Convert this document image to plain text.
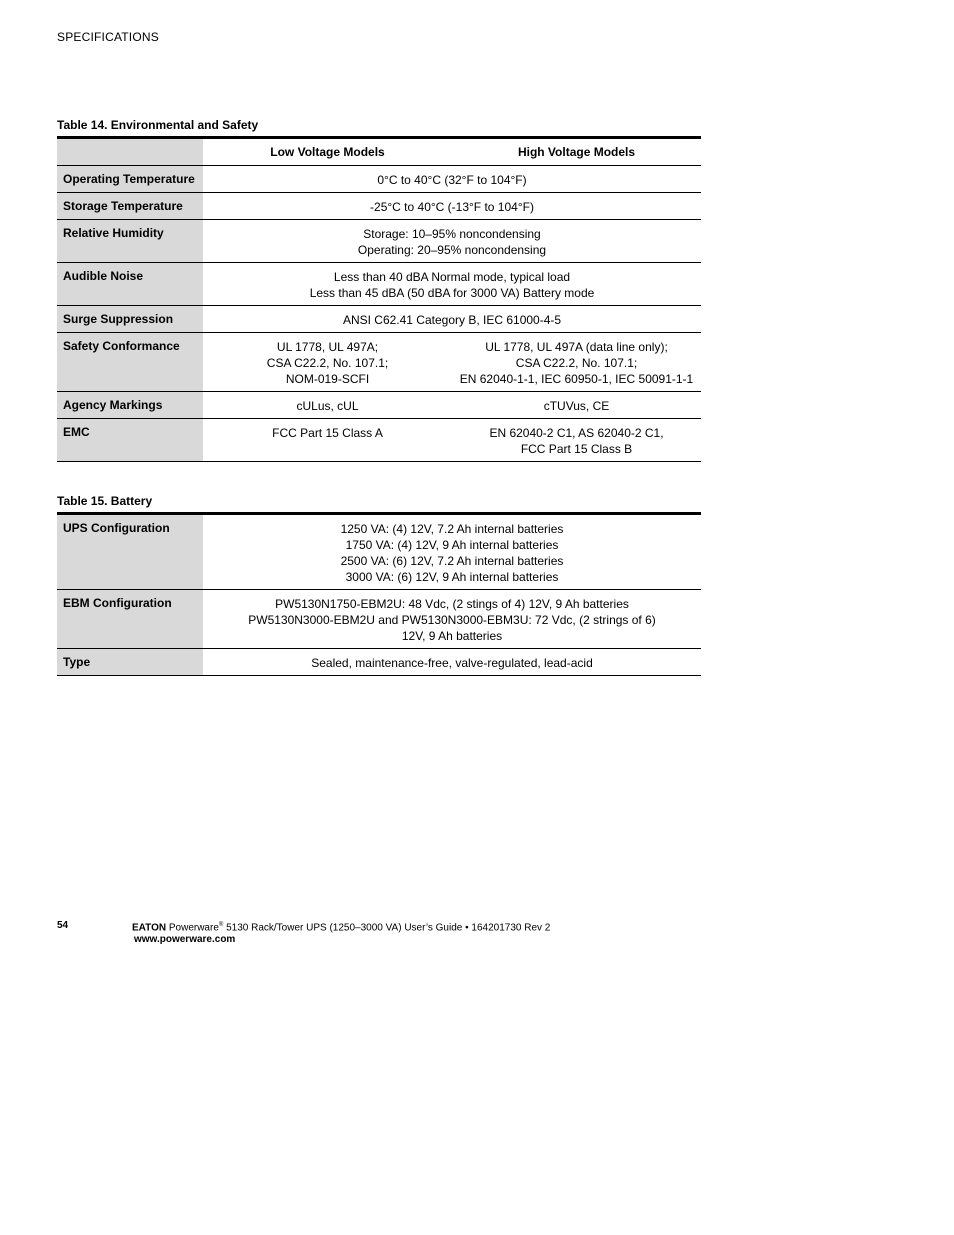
SPECIFICATIONS
Table 14. Environmental and Safety
	Low Voltage Models	High Voltage Models
Operating Temperature	0°C to 40°C (32°F to 104°F)	

Storage Temperature	-25°C to 40°C (-13°F to 104°F)	

Relative Humidity	Storage: 10–95% noncondensing
Operating: 20–95% noncondensing	

Audible Noise	Less than 40 dBA Normal mode, typical load
Less than 45 dBA (50 dBA for 3000 VA) Battery mode	

Surge Suppression	ANSI C62.41 Category B, IEC 61000-4-5	

Safety Conformance	UL 1778, UL 497A;
CSA C22.2, No. 107.1;
NOM-019-SCFI	UL 1778, UL 497A (data line only);
CSA C22.2, No. 107.1;
EN 62040-1-1, IEC 60950-1, IEC 50091-1-1

Agency Markings	cULus, cUL	cTUVus, CE

EMC	FCC Part 15 Class A	EN 62040-2 C1, AS 62040-2 C1,
FCC Part 15 Class B
Table 15. Battery
UPS Configuration	1250 VA: (4) 12V, 7.2 Ah internal batteries
1750 VA: (4) 12V, 9 Ah internal batteries
2500 VA: (6) 12V, 7.2 Ah internal batteries
3000 VA: (6) 12V, 9 Ah internal batteries

EBM Configuration	PW5130N1750-EBM2U: 48 Vdc, (2 stings of 4) 12V, 9 Ah batteries
PW5130N3000-EBM2U and PW5130N3000-EBM3U: 72 Vdc, (2 strings of 6)
12V, 9 Ah batteries

Type	Sealed, maintenance-free, valve-regulated, lead-acid
54	EATON Powerware® 5130 Rack/Tower UPS (1250–3000 VA) User’s Guide • 164201730 Rev 2
www.powerware.com
